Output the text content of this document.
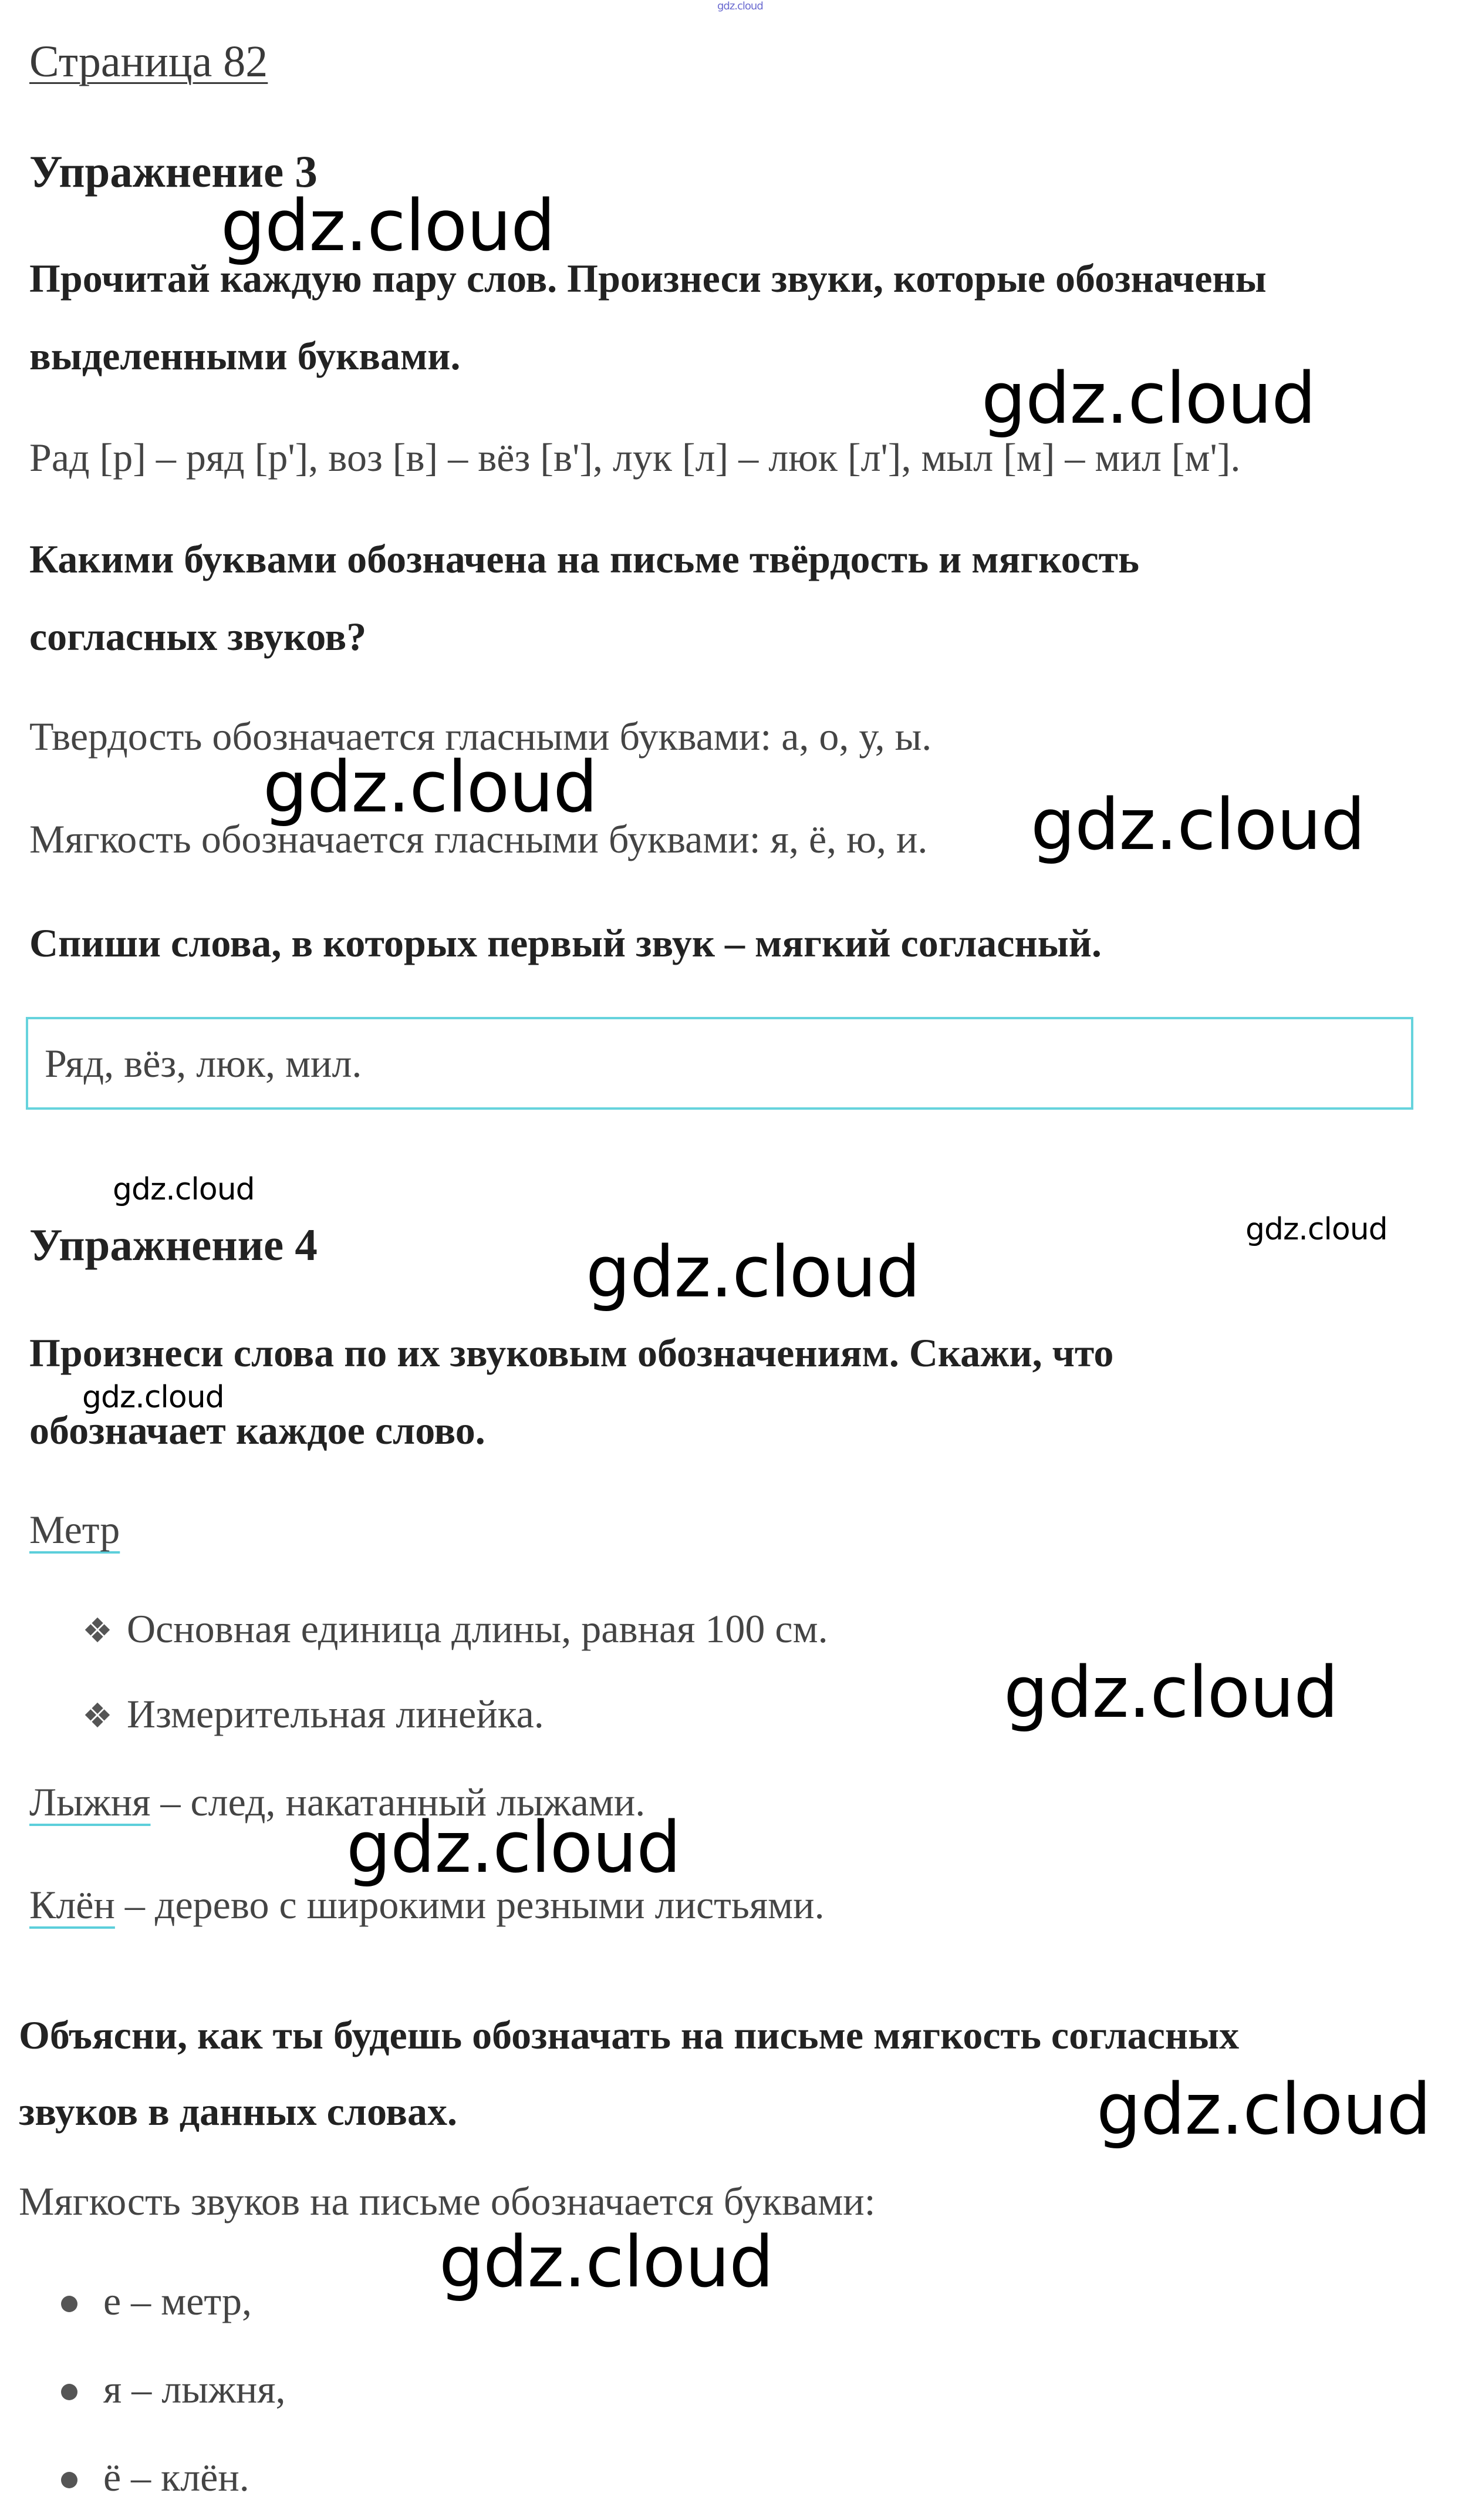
Страница 82
Упражнение 3
Прочитай каждую пару слов. Произнеси звуки, которые обозначены
выделенными буквами.
Рад [р] – ряд [р'], воз [в] – вёз [в'], лук [л] – люк [л'], мыл [м] – мил [м'].
Какими буквами обозначена на письме твёрдость и мягкость
согласных звуков?
Твердость обозначается гласными буквами: а, о, у, ы.
Мягкость обозначается гласными буквами: я, ё, ю, и.
Спиши слова, в которых первый звук – мягкий согласный.
Ряд, вёз, люк, мил.
Упражнение 4
Произнеси слова по их звуковым обозначениям. Скажи, что
обозначает каждое слово.
Метр
❖ Основная единица длины, равная 100 см.
❖ Измерительная линейка.
Лыжня – след, накатанный лыжами.
Клён – дерево с широкими резными листьями.
Объясни, как ты будешь обозначать на письме мягкость согласных
звуков в данных словах.
Мягкость звуков на письме обозначается буквами:
е – метр,
я – лыжня,
ё – клён.
gdz.cloud
gdz.cloud
gdz.cloud
gdz.cloud	gdz.cloud
gdz.cloud
gdz.cloud
gdz.cloud
gdz.cloud
gdz.cloud
gdz.cloud
gdz.cloud
gdz.cloud
